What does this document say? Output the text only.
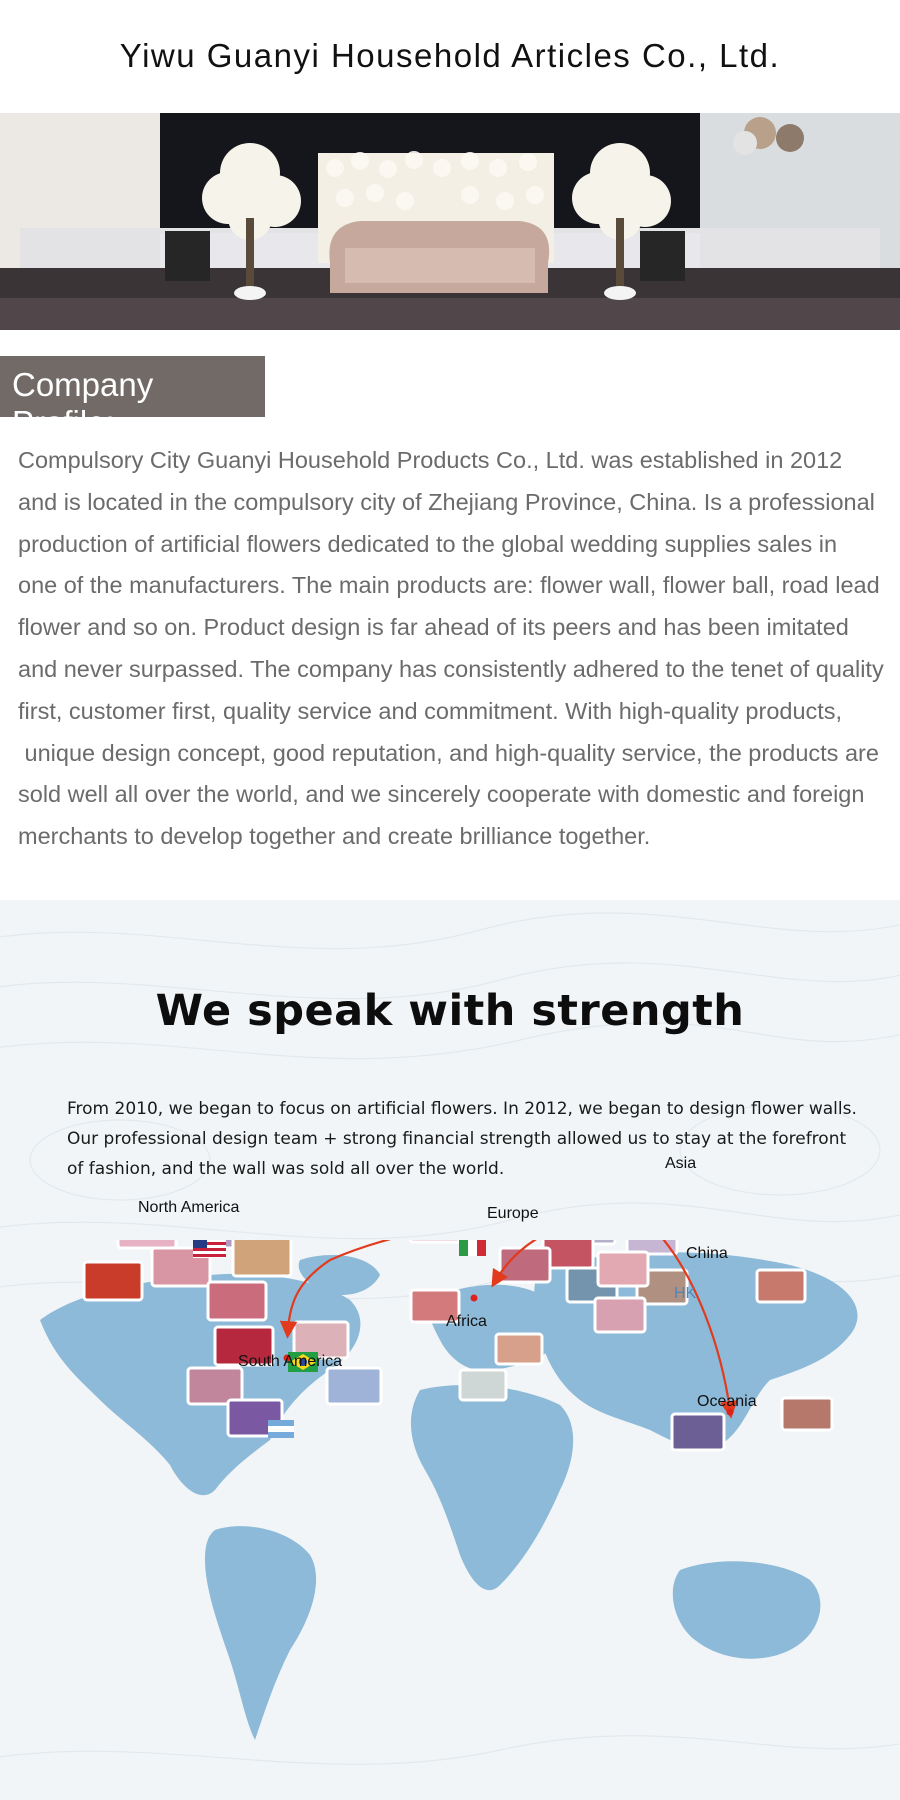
Yiwu Guanyi Household Articles Co., Ltd.
Company Profile:

Compulsory City Guanyi Household Products Co., Ltd. was established in 2012

and is located in the compulsory city of Zhejiang Province, China. Is a professional

production of artificial flowers dedicated to the global wedding supplies sales in

one of the manufacturers. The main products are: flower wall, flower ball, road lead

flower and so on. Product design is far ahead of its peers and has been imitated

and never surpassed. The company has consistently adhered to the tenet of quality

first, customer first, quality service and commitment. With high-quality products,

unique design concept, good reputation, and high-quality service, the products are

sold well all over the world, and we sincerely cooperate with domestic and foreign

merchants to develop together and create brilliance together.

We speak with strength

From 2010, we began to focus on artificial flowers. In 2012, we began to design flower walls.

Our professional design team + strong financial strength allowed us to stay at the forefront

of fashion, and the wall was sold all over the world.

North America	Europe
Asia
China
HK
Africa
South America
Oceania
